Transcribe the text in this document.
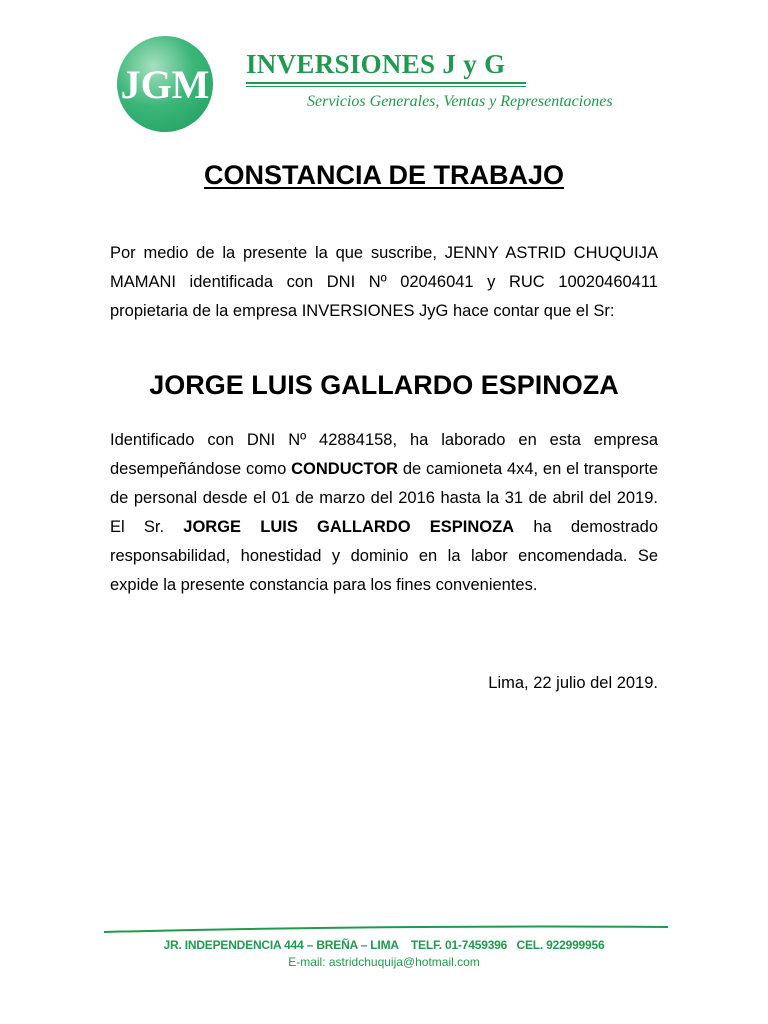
JGM INVERSIONES J y G
Servicios Generales, Ventas y Representaciones
CONSTANCIA DE TRABAJO
Por medio de la presente la que suscribe, JENNY ASTRID CHUQUIJA MAMANI identificada con DNI Nº 02046041 y RUC 10020460411 propietaria de la empresa INVERSIONES JyG hace contar que el Sr:
JORGE LUIS GALLARDO ESPINOZA
Identificado con DNI Nº 42884158, ha laborado en esta empresa desempeñándose como CONDUCTOR de camioneta 4x4, en el transporte de personal desde el 01 de marzo del 2016 hasta la 31 de abril del 2019. El Sr. JORGE LUIS GALLARDO ESPINOZA ha demostrado responsabilidad, honestidad y dominio en la labor encomendada. Se expide la presente constancia para los fines convenientes.
Lima, 22 julio del 2019.
JR. INDEPENDENCIA 444 – BREÑA – LIMA    TELF. 01-7459396   CEL. 922999956
E-mail: astridchuquija@hotmail.com
